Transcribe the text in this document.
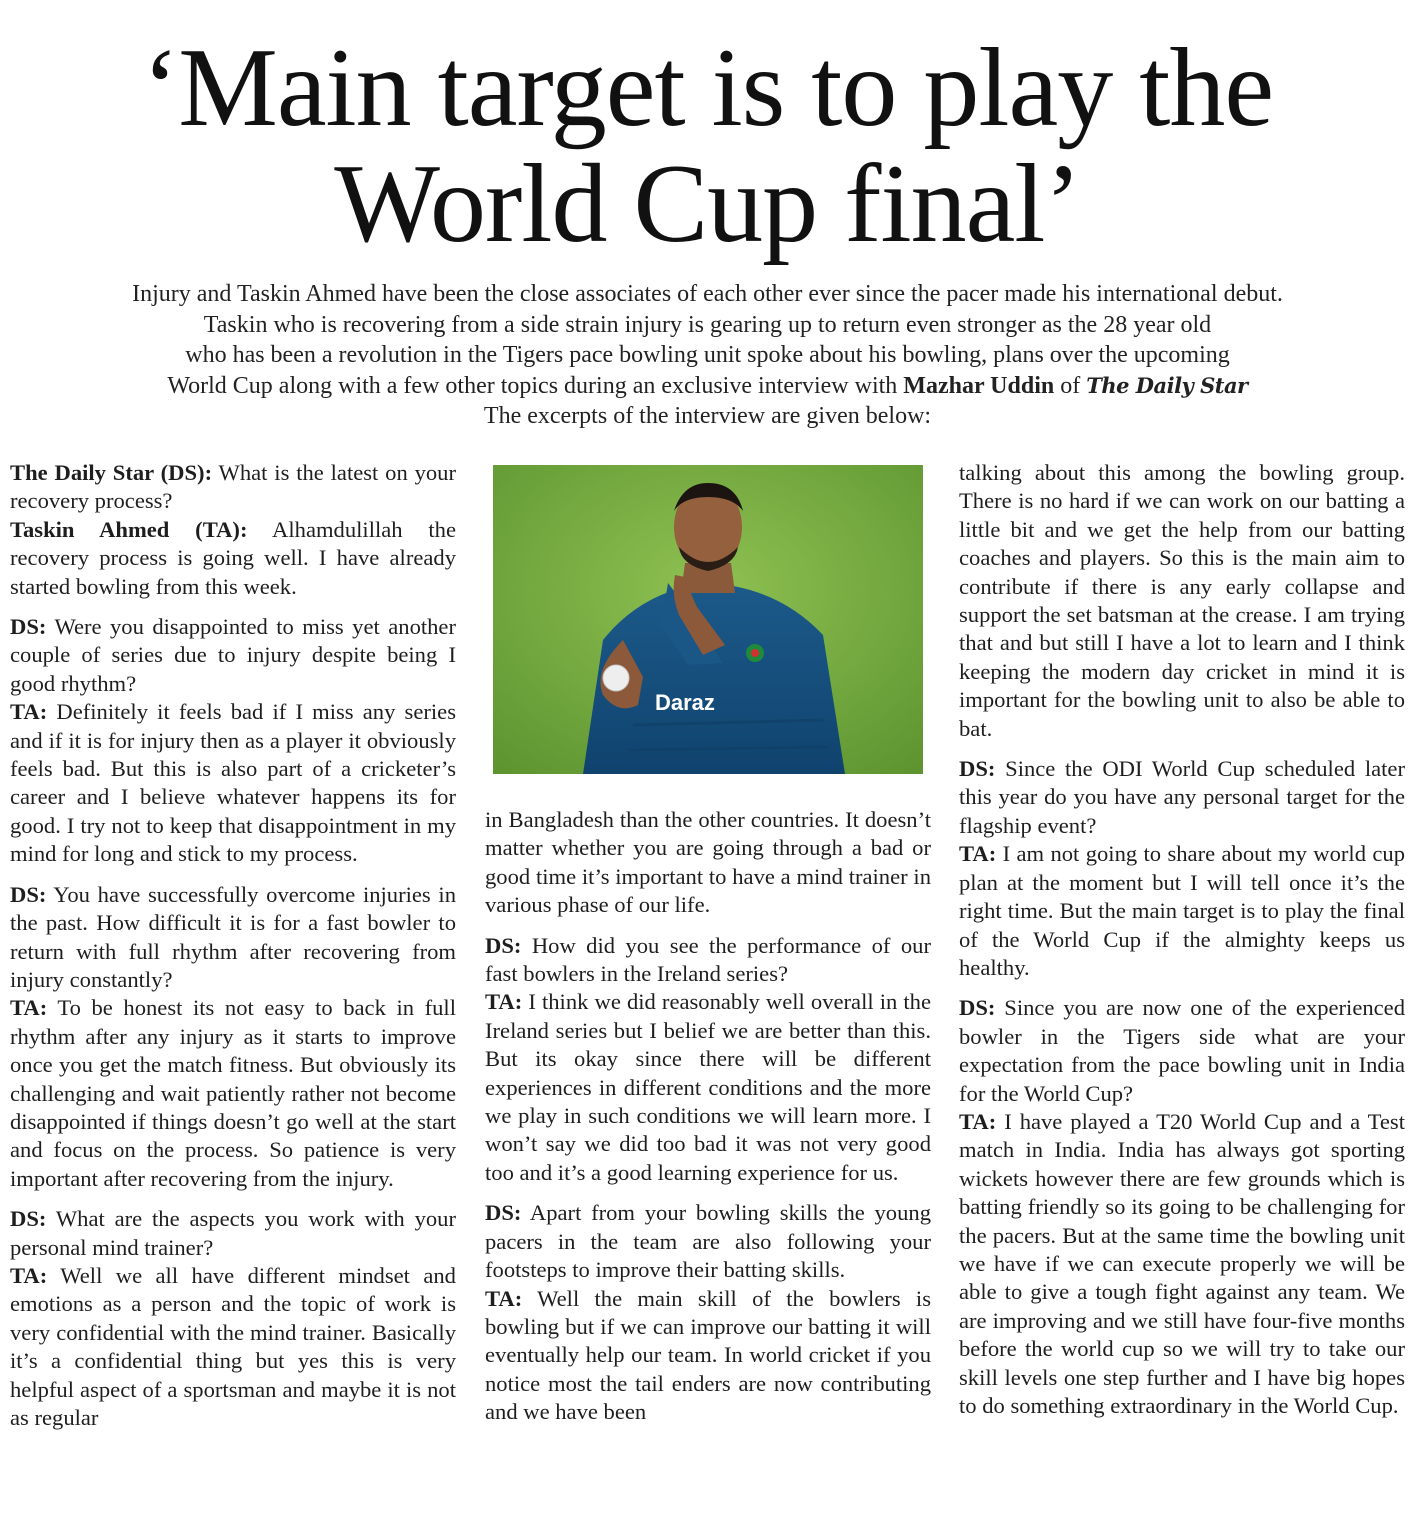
‘Main target is to play the
World Cup final’
Injury and Taskin Ahmed have been the close associates of each other ever since the pacer made his international debut.
Taskin who is recovering from a side strain injury is gearing up to return even stronger as the 28 year old
who has been a revolution in the Tigers pace bowling unit spoke about his bowling, plans over the upcoming
World Cup along with a few other topics during an exclusive interview with Mazhar Uddin of The Daily Star
The excerpts of the interview are given below:

The Daily Star (DS): What is the latest on your recovery process?
Taskin Ahmed (TA): Alhamdulillah the recovery process is going well. I have already started bowling from this week.

DS: Were you disappointed to miss yet another couple of series due to injury despite being I good rhythm?
TA: Definitely it feels bad if I miss any series and if it is for injury then as a player it obviously feels bad. But this is also part of a cricketer’s career and I believe whatever happens its for good. I try not to keep that disappointment in my mind for long and stick to my process.

DS: You have successfully overcome injuries in the past. How difficult it is for a fast bowler to return with full rhythm after recovering from injury constantly?
TA: To be honest its not easy to back in full rhythm after any injury as it starts to improve once you get the match fitness. But obviously its challenging and wait patiently rather not become disappointed if things doesn’t go well at the start and focus on the process. So patience is very important after recovering from the injury.

DS: What are the aspects you work with your personal mind trainer?
TA: Well we all have different mindset and emotions as a person and the topic of work is very confidential with the mind trainer. Basically it’s a confidential thing but yes this is very helpful aspect of a sportsman and maybe it is not as regular

Daraz

in Bangladesh than the other countries. It doesn’t matter whether you are going through a bad or good time it’s important to have a mind trainer in various phase of our life.

DS: How did you see the performance of our fast bowlers in the Ireland series?
TA: I think we did reasonably well overall in the Ireland series but I belief we are better than this. But its okay since there will be different experiences in different conditions and the more we play in such conditions we will learn more. I won’t say we did too bad it was not very good too and it’s a good learning experience for us.

DS: Apart from your bowling skills the young pacers in the team are also following your footsteps to improve their batting skills.
TA: Well the main skill of the bowlers is bowling but if we can improve our batting it will eventually help our team. In world cricket if you notice most the tail enders are now contributing and we have been

talking about this among the bowling group. There is no hard if we can work on our batting a little bit and we get the help from our batting coaches and players. So this is the main aim to contribute if there is any early collapse and support the set batsman at the crease. I am trying that and but still I have a lot to learn and I think keeping the modern day cricket in mind it is important for the bowling unit to also be able to bat.

DS: Since the ODI World Cup scheduled later this year do you have any personal target for the flagship event?
TA: I am not going to share about my world cup plan at the moment but I will tell once it’s the right time. But the main target is to play the final of the World Cup if the almighty keeps us healthy.

DS: Since you are now one of the experienced bowler in the Tigers side what are your expectation from the pace bowling unit in India for the World Cup?
TA: I have played a T20 World Cup and a Test match in India. India has always got sporting wickets however there are few grounds which is batting friendly so its going to be challenging for the pacers. But at the same time the bowling unit we have if we can execute properly we will be able to give a tough fight against any team. We are improving and we still have four-five months before the world cup so we will try to take our skill levels one step further and I have big hopes to do something extraordinary in the World Cup.
